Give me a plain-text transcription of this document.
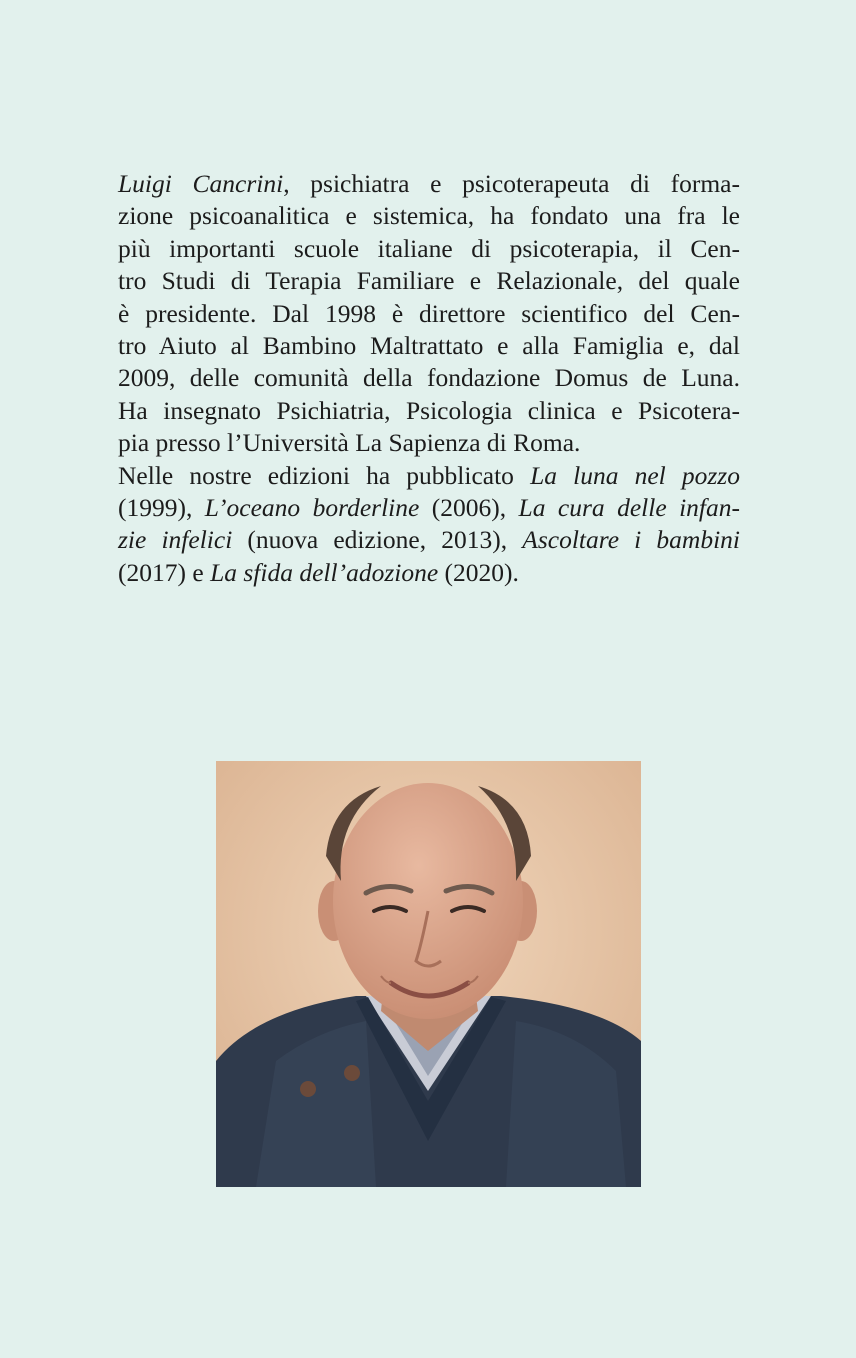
Luigi Cancrini, psichiatra e psicoterapeuta di forma-
zione psicoanalitica e sistemica, ha fondato una fra le
più importanti scuole italiane di psicoterapia, il Cen-
tro Studi di Terapia Familiare e Relazionale, del quale
è presidente. Dal 1998 è direttore scientifico del Cen-
tro Aiuto al Bambino Maltrattato e alla Famiglia e, dal
2009, delle comunità della fondazione Domus de Luna.
Ha insegnato Psichiatria, Psicologia clinica e Psicotera-
pia presso l’Università La Sapienza di Roma.
Nelle nostre edizioni ha pubblicato La luna nel pozzo
(1999), L’oceano borderline (2006), La cura delle infan-
zie infelici (nuova edizione, 2013), Ascoltare i bambini
(2017) e La sfida dell’adozione (2020).
